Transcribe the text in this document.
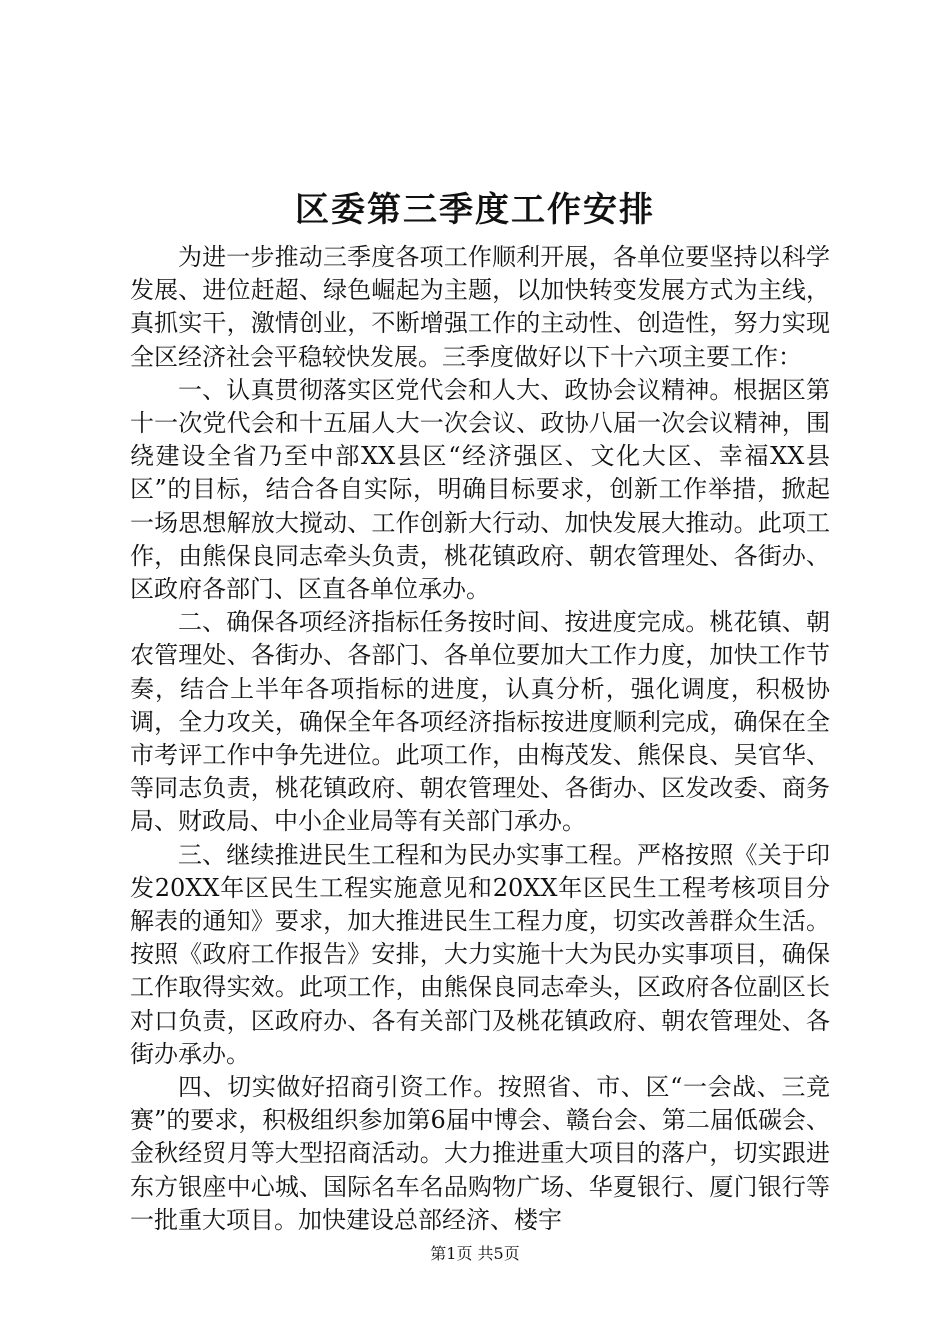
区委第三季度工作安排

为进一步推动三季度各项工作顺利开展，各单位要坚持以科学发展、进位赶超、绿色崛起为主题，以加快转变发展方式为主线，真抓实干，激情创业，不断增强工作的主动性、创造性，努力实现全区经济社会平稳较快发展。三季度做好以下十六项主要工作：

一、认真贯彻落实区党代会和人大、政协会议精神。根据区第十一次党代会和十五届人大一次会议、政协八届一次会议精神，围绕建设全省乃至中部XX县区“经济强区、文化大区、幸福XX县区”的目标，结合各自实际，明确目标要求，创新工作举措，掀起一场思想解放大搅动、工作创新大行动、加快发展大推动。此项工作，由熊保良同志牵头负责，桃花镇政府、朝农管理处、各街办、区政府各部门、区直各单位承办。

二、确保各项经济指标任务按时间、按进度完成。桃花镇、朝农管理处、各街办、各部门、各单位要加大工作力度，加快工作节奏，结合上半年各项指标的进度，认真分析，强化调度，积极协调，全力攻关，确保全年各项经济指标按进度顺利完成，确保在全市考评工作中争先进位。此项工作，由梅茂发、熊保良、吴官华、等同志负责，桃花镇政府、朝农管理处、各街办、区发改委、商务局、财政局、中小企业局等有关部门承办。

三、继续推进民生工程和为民办实事工程。严格按照《关于印发20XX年区民生工程实施意见和20XX年区民生工程考核项目分解表的通知》要求，加大推进民生工程力度，切实改善群众生活。按照《政府工作报告》安排，大力实施十大为民办实事项目，确保工作取得实效。此项工作，由熊保良同志牵头，区政府各位副区长对口负责，区政府办、各有关部门及桃花镇政府、朝农管理处、各街办承办。

四、切实做好招商引资工作。按照省、市、区“一会战、三竞赛”的要求，积极组织参加第6届中博会、赣台会、第二届低碳会、金秋经贸月等大型招商活动。大力推进重大项目的落户，切实跟进东方银座中心城、国际名车名品购物广场、华夏银行、厦门银行等一批重大项目。加快建设总部经济、楼宇

第1页 共5页
